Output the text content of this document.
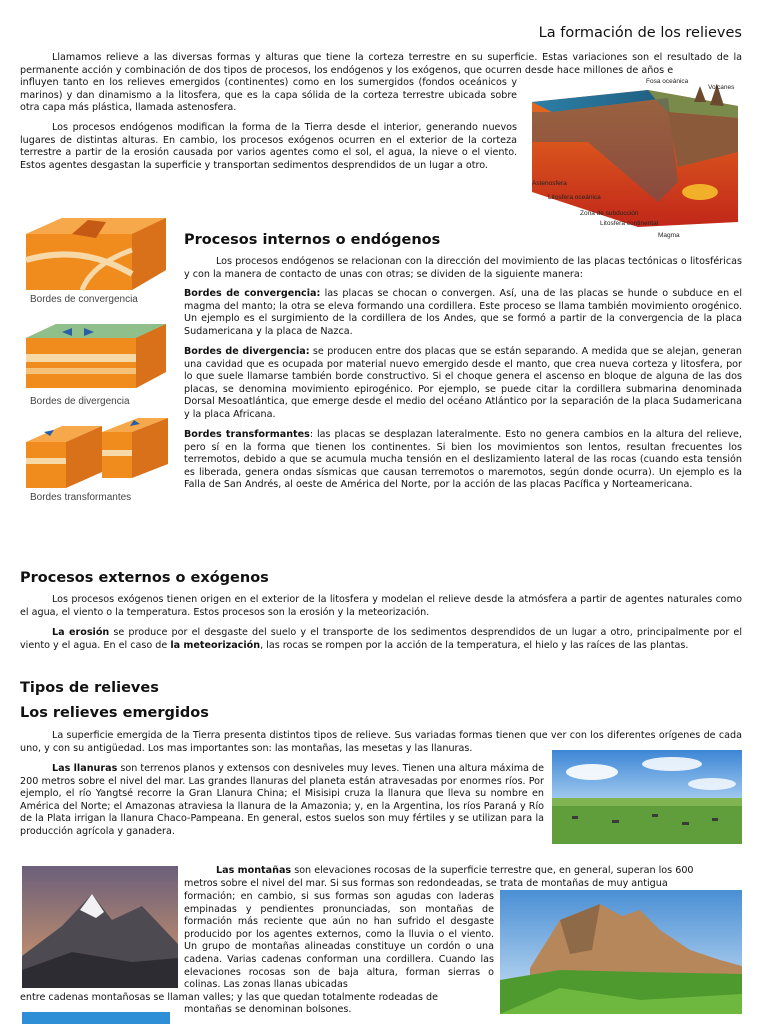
La formación de los relieves

Llamamos relieve a las diversas formas y alturas que tiene la corteza terrestre en su superficie. Estas variaciones son el resultado de la permanente acción y combinación de dos tipos de procesos, los endógenos y los exógenos, que ocurren desde hace millones de años e

influyen tanto en los relieves emergidos (continentes) como en los sumergidos (fondos oceánicos y marinos) y dan dinamismo a la litosfera, que es la capa sólida de la corteza terrestre ubicada sobre otra capa más plástica, llamada astenosfera.

Los procesos endógenos modifican la forma de la Tierra desde el interior, generando nuevos lugares de distintas alturas. En cambio, los procesos exógenos ocurren en el exterior de la corteza terrestre a partir de la erosión causada por varios agentes como el sol, el agua, la nieve o el viento. Estos agentes desgastan la superficie y transportan sedimentos desprendidos de un lugar a otro.

Fosa oceánica
Volcanes
Astenosfera
Litosfera oceánica
Zona de subducción
Litosfera continental
Magma
Bordes de convergencia
Bordes de divergencia
Bordes transformantes
Procesos internos o endógenos

Los procesos endógenos se relacionan con la dirección del movimiento de las placas tectónicas o litosféricas y con la manera de contacto de unas con otras; se dividen de la siguiente manera:

Bordes de convergencia: las placas se chocan o convergen. Así, una de las placas se hunde o subduce en el magma del manto; la otra se eleva formando una cordillera. Este proceso se llama también movimiento orogénico. Un ejemplo es el surgimiento de la cordillera de los Andes, que se formó a partir de la convergencia de la placa Sudamericana y la placa de Nazca.

Bordes de divergencia: se producen entre dos placas que se están separando. A medida que se alejan, generan una cavidad que es ocupada por material nuevo emergido desde el manto, que crea nueva corteza y litosfera, por lo que suele llamarse también borde constructivo. Si el choque genera el ascenso en bloque de alguna de las dos placas, se denomina movimiento epirogénico. Por ejemplo, se puede citar la cordillera submarina denominada Dorsal Mesoatlántica, que emerge desde el medio del océano Atlántico por la separación de la placa Sudamericana y la placa Africana.

Bordes transformantes: las placas se desplazan lateralmente. Esto no genera cambios en la altura del relieve, pero sí en la forma que tienen los continentes. Si bien los movimientos son lentos, resultan frecuentes los terremotos, debido a que se acumula mucha tensión en el deslizamiento lateral de las rocas (cuando esta tensión es liberada, genera ondas sísmicas que causan terremotos o maremotos, según donde ocurra). Un ejemplo es la Falla de San Andrés, al oeste de América del Norte, por la acción de las placas Pacífica y Norteamericana.

Procesos externos o exógenos

Los procesos exógenos tienen origen en el exterior de la litosfera y modelan el relieve desde la atmósfera a partir de agentes naturales como el agua, el viento o la temperatura. Estos procesos son la erosión y la meteorización.

La erosión se produce por el desgaste del suelo y el transporte de los sedimentos desprendidos de un lugar a otro, principalmente por el viento y el agua. En el caso de la meteorización, las rocas se rompen por la acción de la temperatura, el hielo y las raíces de las plantas.

Tipos de relieves
Los relieves emergidos

La superficie emergida de la Tierra presenta distintos tipos de relieve. Sus variadas formas tienen que ver con los diferentes orígenes de cada uno, y con su antigüedad. Los mas importantes son: las montañas, las mesetas y las llanuras.

Las llanuras son terrenos planos y extensos con desniveles muy leves. Tienen una altura máxima de 200 metros sobre el nivel del mar. Las grandes llanuras del planeta están atravesadas por enormes ríos. Por ejemplo, el río Yangtsé recorre la Gran Llanura China; el Misisipi cruza la llanura que lleva su nombre en América del Norte; el Amazonas atraviesa la llanura de la Amazonia; y, en la Argentina, los ríos Paraná y Río de la Plata irrigan la llanura Chaco-Pampeana. En general, estos suelos son muy fértiles y se utilizan para la producción agrícola y ganadera.

Las montañas son elevaciones rocosas de la superficie terrestre que, en general, superan los 600

metros sobre el nivel del mar. Si sus formas son redondeadas, se trata de montañas de muy antigua

formación; en cambio, si sus formas son agudas con laderas empinadas y pendientes pronunciadas, son montañas de formación más reciente que aún no han sufrido el desgaste producido por los agentes externos, como la lluvia o el viento. Un grupo de montañas alineadas constituye un cordón o una cadena. Varias cadenas conforman una cordillera. Cuando las elevaciones rocosas son de baja altura, forman sierras o colinas. Las zonas llanas ubicadas

entre cadenas montañosas se llaman valles; y las que quedan totalmente rodeadas de

montañas se denominan bolsones.
